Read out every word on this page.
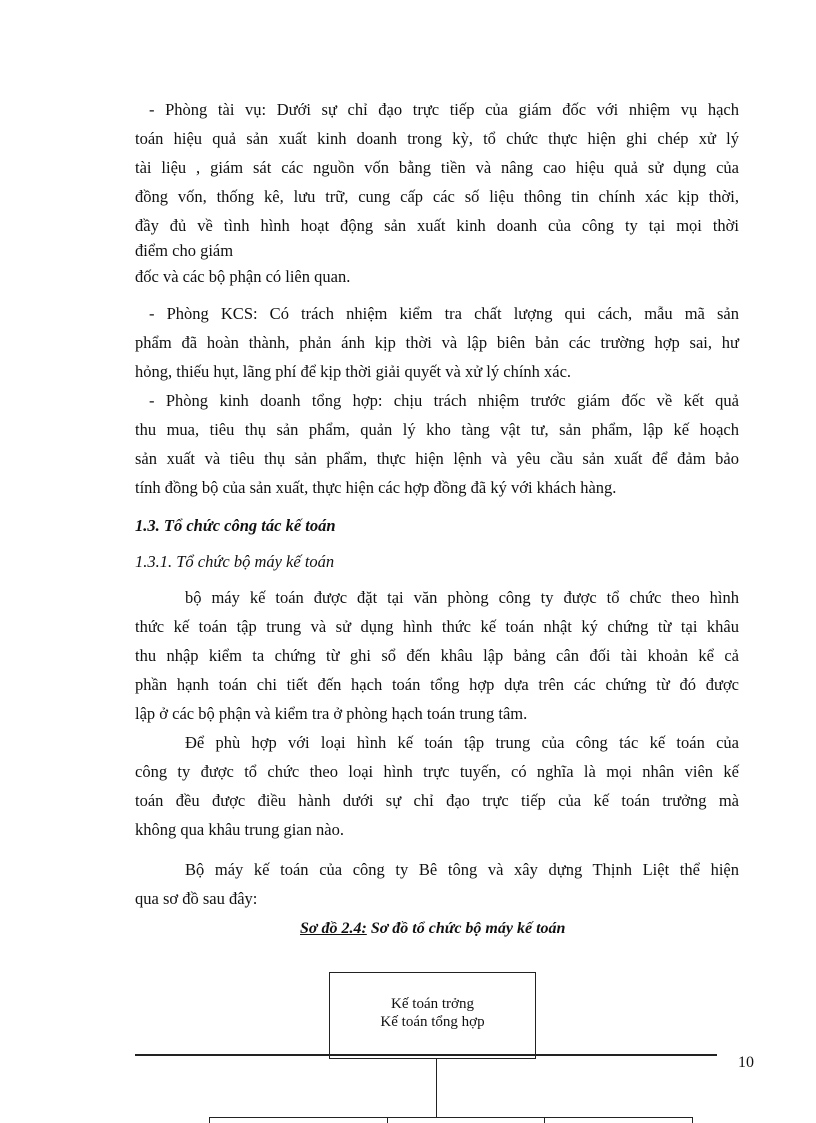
- Phòng tài vụ: Dưới sự chỉ đạo trực tiếp của giám đốc với nhiệm vụ hạch
toán hiệu quả sản xuất kinh doanh trong kỳ, tổ chức thực hiện ghi chép xử lý
tài liệu , giám sát các nguồn vốn bằng tiền và nâng cao hiệu quả sử dụng của
đồng vốn, thống kê, lưu trữ, cung cấp các số liệu thông tin chính xác kịp thời,
đầy đủ về tình hình hoạt động sản xuất kinh doanh của công ty tại mọi thời
điểm cho giám
đốc và các bộ phận có liên quan.
- Phòng KCS: Có trách nhiệm kiểm tra chất lượng qui cách, mẫu mã sản
phẩm đã hoàn thành, phản ánh kịp thời và lập biên bản các trường hợp sai, hư
hỏng, thiếu hụt, lãng phí để kịp thời giải quyết và xử lý chính xác.
- Phòng kinh doanh tổng hợp: chịu trách nhiệm trước giám đốc về kết quả
thu mua, tiêu thụ sản phẩm, quản lý kho tàng vật tư, sản phẩm, lập kế hoạch
sản xuất và tiêu thụ sản phẩm, thực hiện lệnh và yêu cầu sản xuất để đảm bảo
tính đồng bộ của sản xuất, thực hiện các hợp đồng đã ký với khách hàng.
1.3. Tổ chức công tác kế toán
1.3.1. Tổ chức bộ máy kế toán
bộ máy kế toán được đặt tại văn phòng công ty được tổ chức theo hình
thức kế toán tập trung và sử dụng hình thức kế toán nhật ký chứng từ tại khâu
thu nhập kiểm ta chứng từ ghi sổ đến khâu lập bảng cân đối tài khoản kể cả
phần hạnh toán chi tiết đến hạch toán tổng hợp dựa trên các chứng từ đó được
lập ở các bộ phận và kiểm tra ở phòng hạch toán trung tâm.
Để phù hợp với loại hình kế toán tập trung của công tác kế toán của
công ty được tổ chức theo loại hình trực tuyến, có nghĩa là mọi nhân viên kế
toán đều được điều hành dưới sự chỉ đạo trực tiếp của kế toán trưởng mà
không qua khâu trung gian nào.
Bộ máy kế toán của công ty Bê tông và xây dựng Thịnh Liệt thể hiện
qua sơ đồ sau đây:

Sơ đồ 2.4: Sơ đồ tổ chức bộ máy kế toán

Kế toán trởng
Kế toán tổng hợp
10
